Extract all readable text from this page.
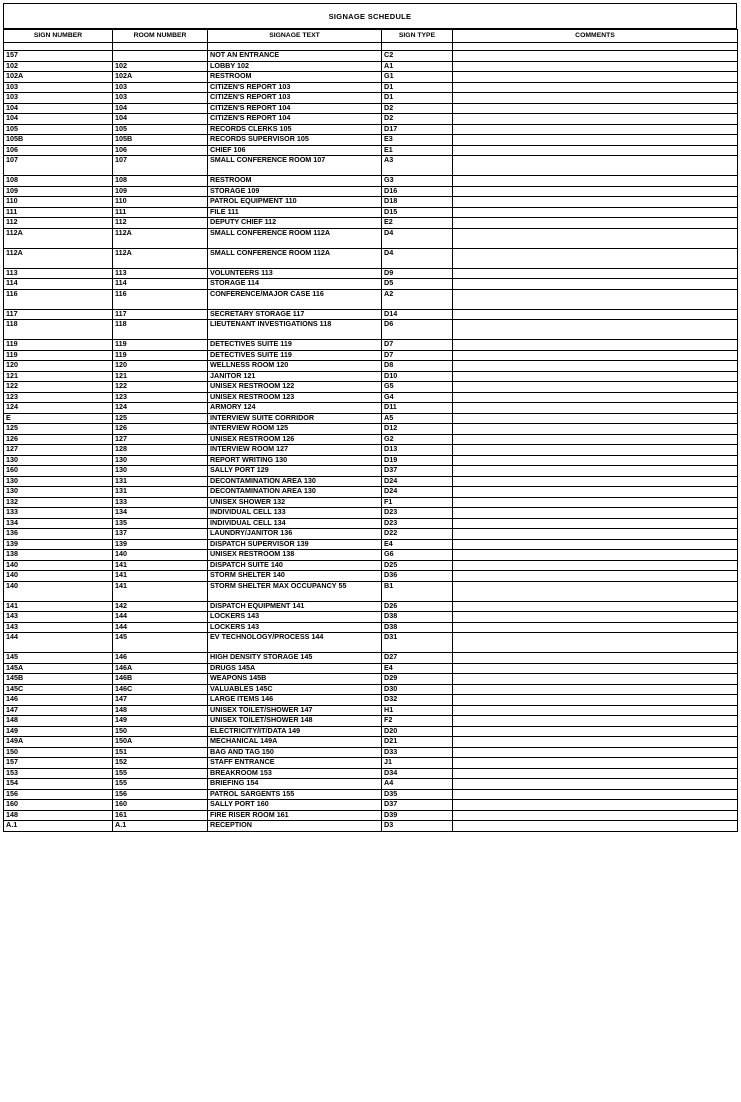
SIGNAGE SCHEDULE
SIGN NUMBER	ROOM NUMBER	SIGNAGE TEXT	SIGN TYPE	COMMENTS

157		NOT AN ENTRANCE	C2	
102	102	LOBBY 102	A1	
102A	102A	RESTROOM	G1	
103	103	CITIZEN'S REPORT 103	D1	
103	103	CITIZEN'S REPORT 103	D1	
104	104	CITIZEN'S REPORT 104	D2	
104	104	CITIZEN'S REPORT 104	D2	
105	105	RECORDS CLERKS 105	D17	
105B	105B	RECORDS SUPERVISOR 105	E3	
106	106	CHIEF 106	E1	
107	107	SMALL CONFERENCE ROOM 107	A3	
108	108	RESTROOM	G3	
109	109	STORAGE 109	D16	
110	110	PATROL EQUIPMENT 110	D18	
111	111	FILE 111	D15	
112	112	DEPUTY CHIEF 112	E2	
112A	112A	SMALL CONFERENCE ROOM 112A	D4	
112A	112A	SMALL CONFERENCE ROOM 112A	D4	
113	113	VOLUNTEERS 113	D9	
114	114	STORAGE 114	D5	
116	116	CONFERENCE/MAJOR CASE 116	A2	
117	117	SECRETARY STORAGE 117	D14	
118	118	LIEUTENANT INVESTIGATIONS 118	D6	
119	119	DETECTIVES SUITE 119	D7	
119	119	DETECTIVES SUITE 119	D7	
120	120	WELLNESS ROOM 120	D8	
121	121	JANITOR 121	D10	
122	122	UNISEX RESTROOM 122	G5	
123	123	UNISEX RESTROOM 123	G4	
124	124	ARMORY 124	D11	
E	125	INTERVIEW SUITE CORRIDOR	A5	
125	126	INTERVIEW ROOM 125	D12	
126	127	UNISEX RESTROOM 126	G2	
127	128	INTERVIEW ROOM 127	D13	
130	130	REPORT WRITING 130	D19	
160	130	SALLY PORT 129	D37	
130	131	DECONTAMINATION AREA 130	D24	
130	131	DECONTAMINATION AREA 130	D24	
132	133	UNISEX SHOWER 132	F1	
133	134	INDIVIDUAL CELL 133	D23	
134	135	INDIVIDUAL CELL 134	D23	
136	137	LAUNDRY/JANITOR 136	D22	
139	139	DISPATCH SUPERVISOR 139	E4	
138	140	UNISEX RESTROOM 138	G6	
140	141	DISPATCH SUITE 140	D25	
140	141	STORM SHELTER 140	D36	
140	141	STORM SHELTER MAX OCCUPANCY 55	B1	
141	142	DISPATCH EQUIPMENT 141	D26	
143	144	LOCKERS 143	D38	
143	144	LOCKERS 143	D38	
144	145	EV TECHNOLOGY/PROCESS 144	D31	
145	146	HIGH DENSITY STORAGE 145	D27	
145A	146A	DRUGS 145A	E4	
145B	146B	WEAPONS 145B	D29	
145C	146C	VALUABLES 145C	D30	
146	147	LARGE ITEMS 146	D32	
147	148	UNISEX TOILET/SHOWER 147	H1	
148	149	UNISEX TOILET/SHOWER 148	F2	
149	150	ELECTRICITY/IT/DATA 149	D20	
149A	150A	MECHANICAL 149A	D21	
150	151	BAG AND TAG 150	D33	
157	152	STAFF ENTRANCE	J1	
153	155	BREAKROOM 153	D34	
154	155	BRIEFING 154	A4	
156	156	PATROL SARGENTS 155	D35	
160	160	SALLY PORT 160	D37	
148	161	FIRE RISER ROOM 161	D39	
A.1	A.1	RECEPTION	D3	
